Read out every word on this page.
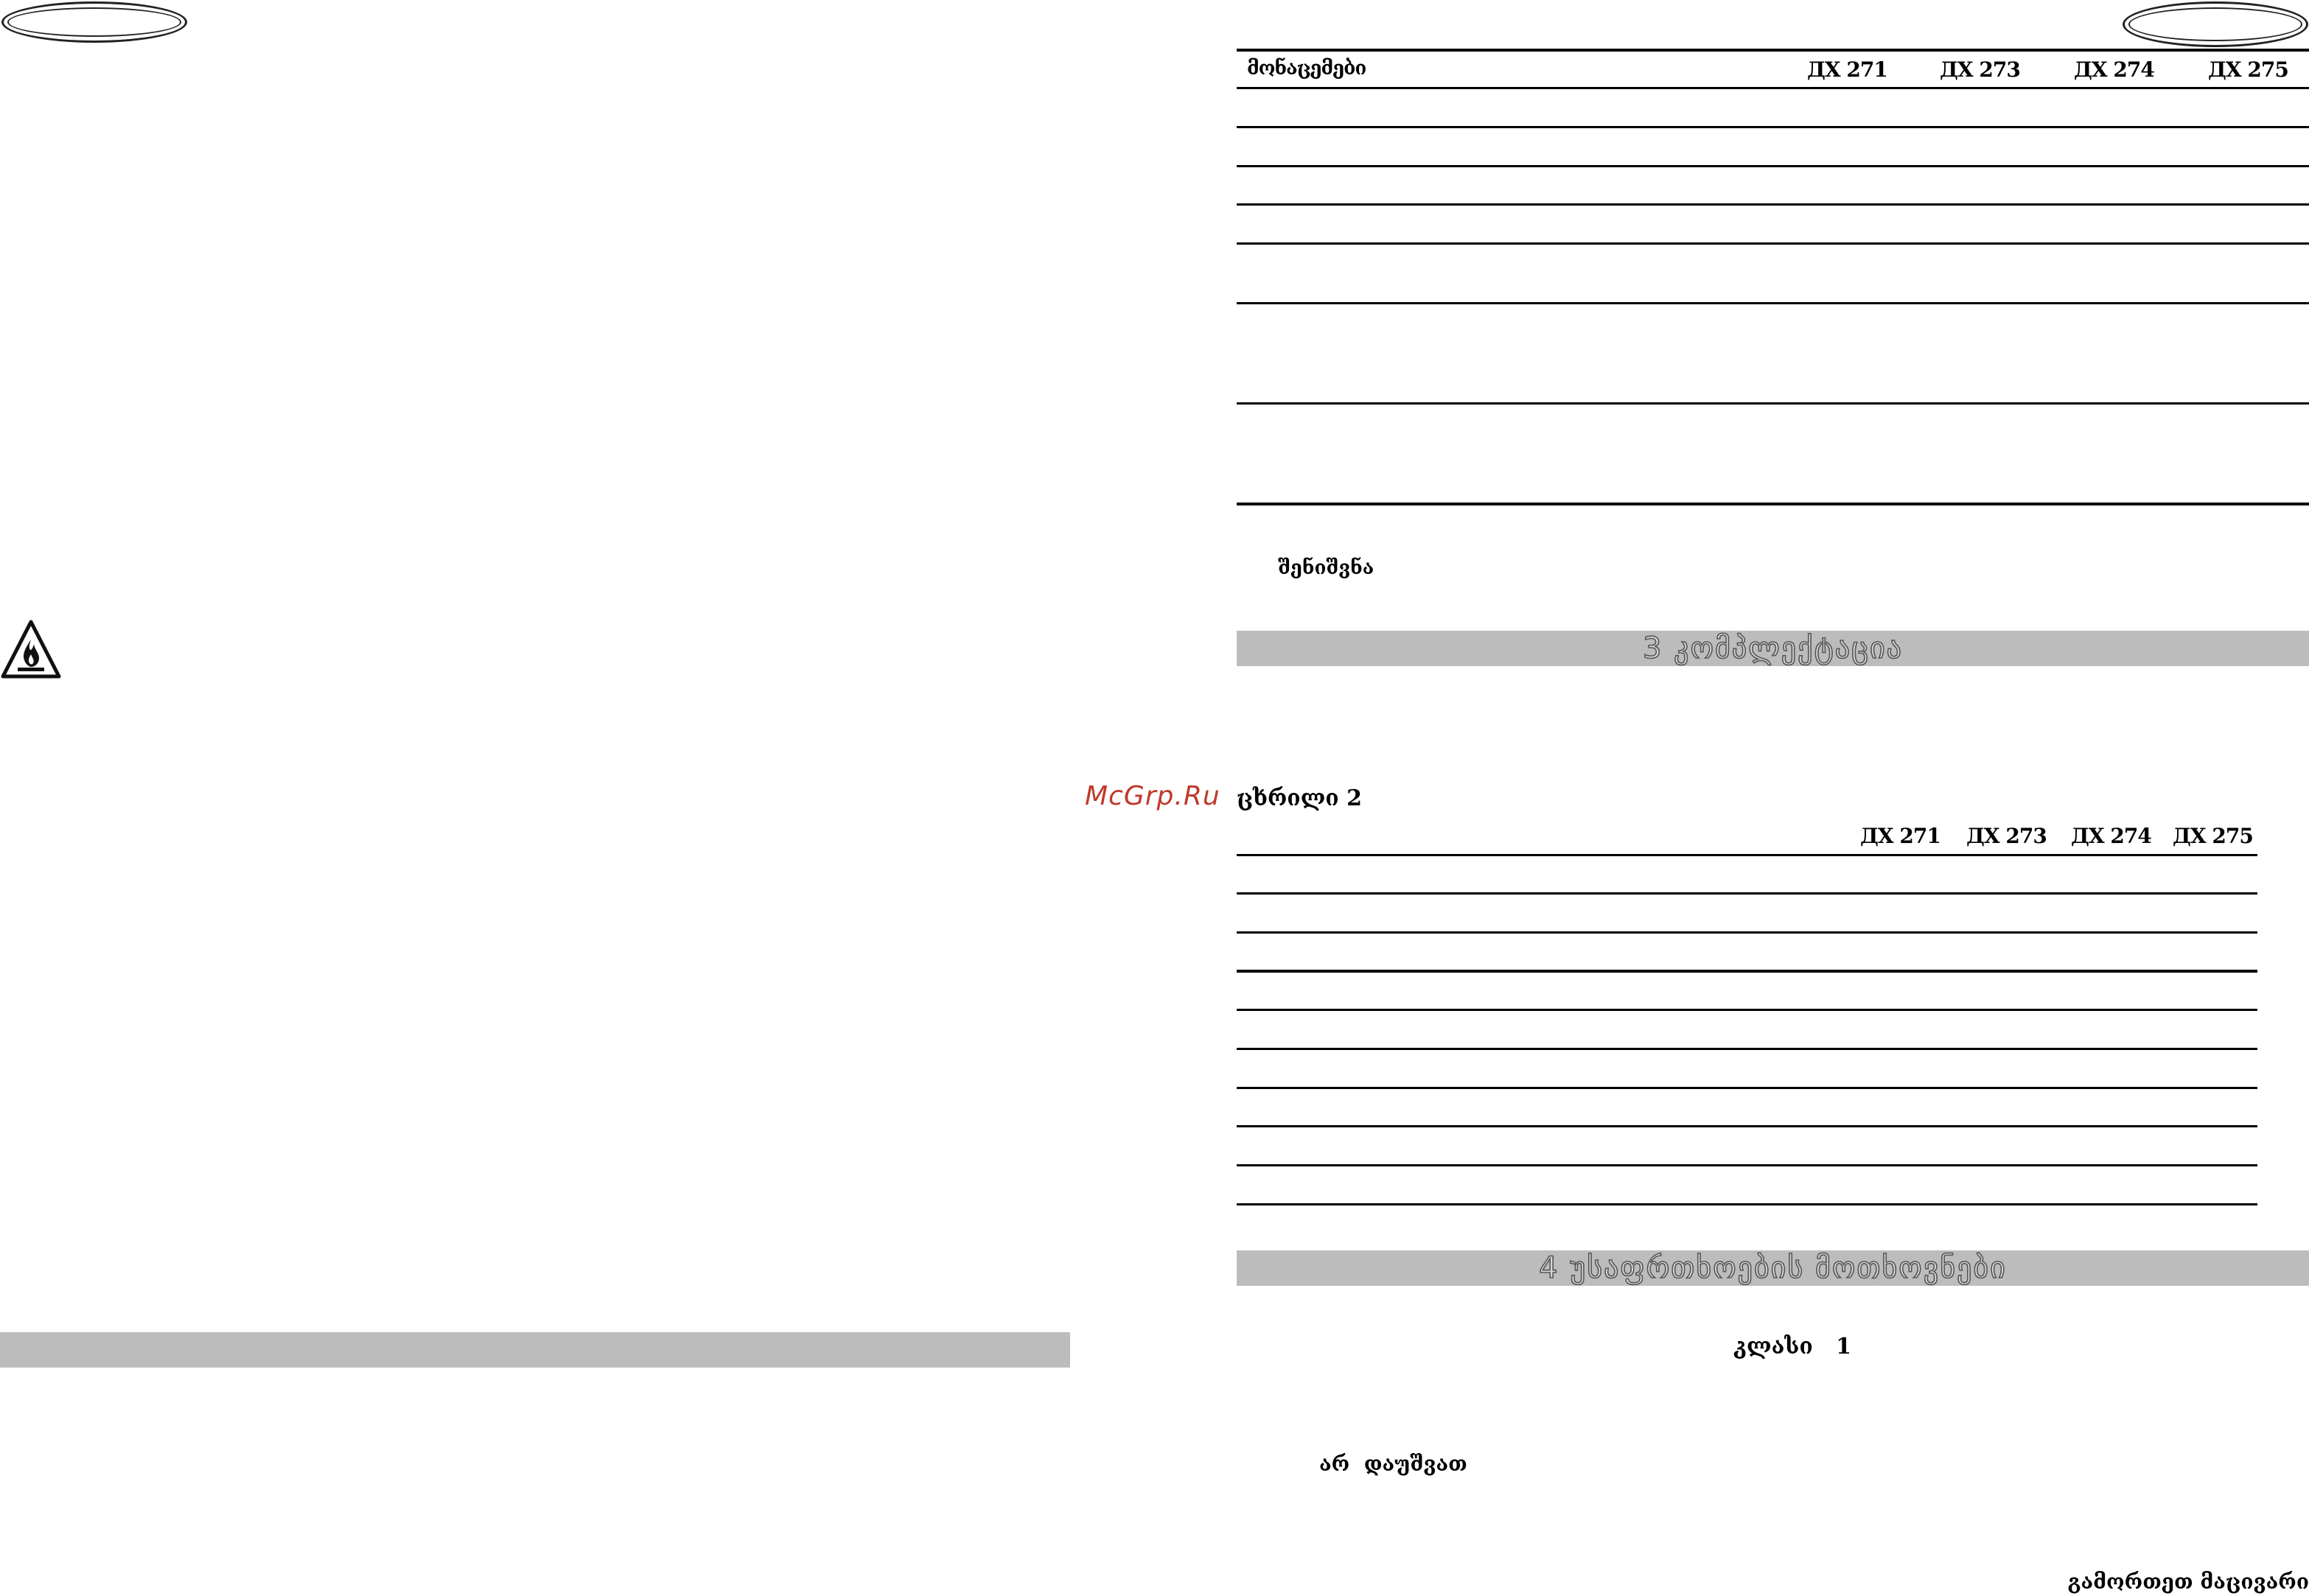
McGrp.Ru
მონაცემები	ДХ 271	ДХ 273	ДХ 274	ДХ 275
შენიშვნა
3 კომპლექტაცია
ცხრილი 2
ДХ 271 ДХ 273 ДХ 274 ДХ 275
4 უსაფრთხოების მოთხოვნები
კლასი   1
არ  დაუშვათ
გამორთეთ მაცივარი
